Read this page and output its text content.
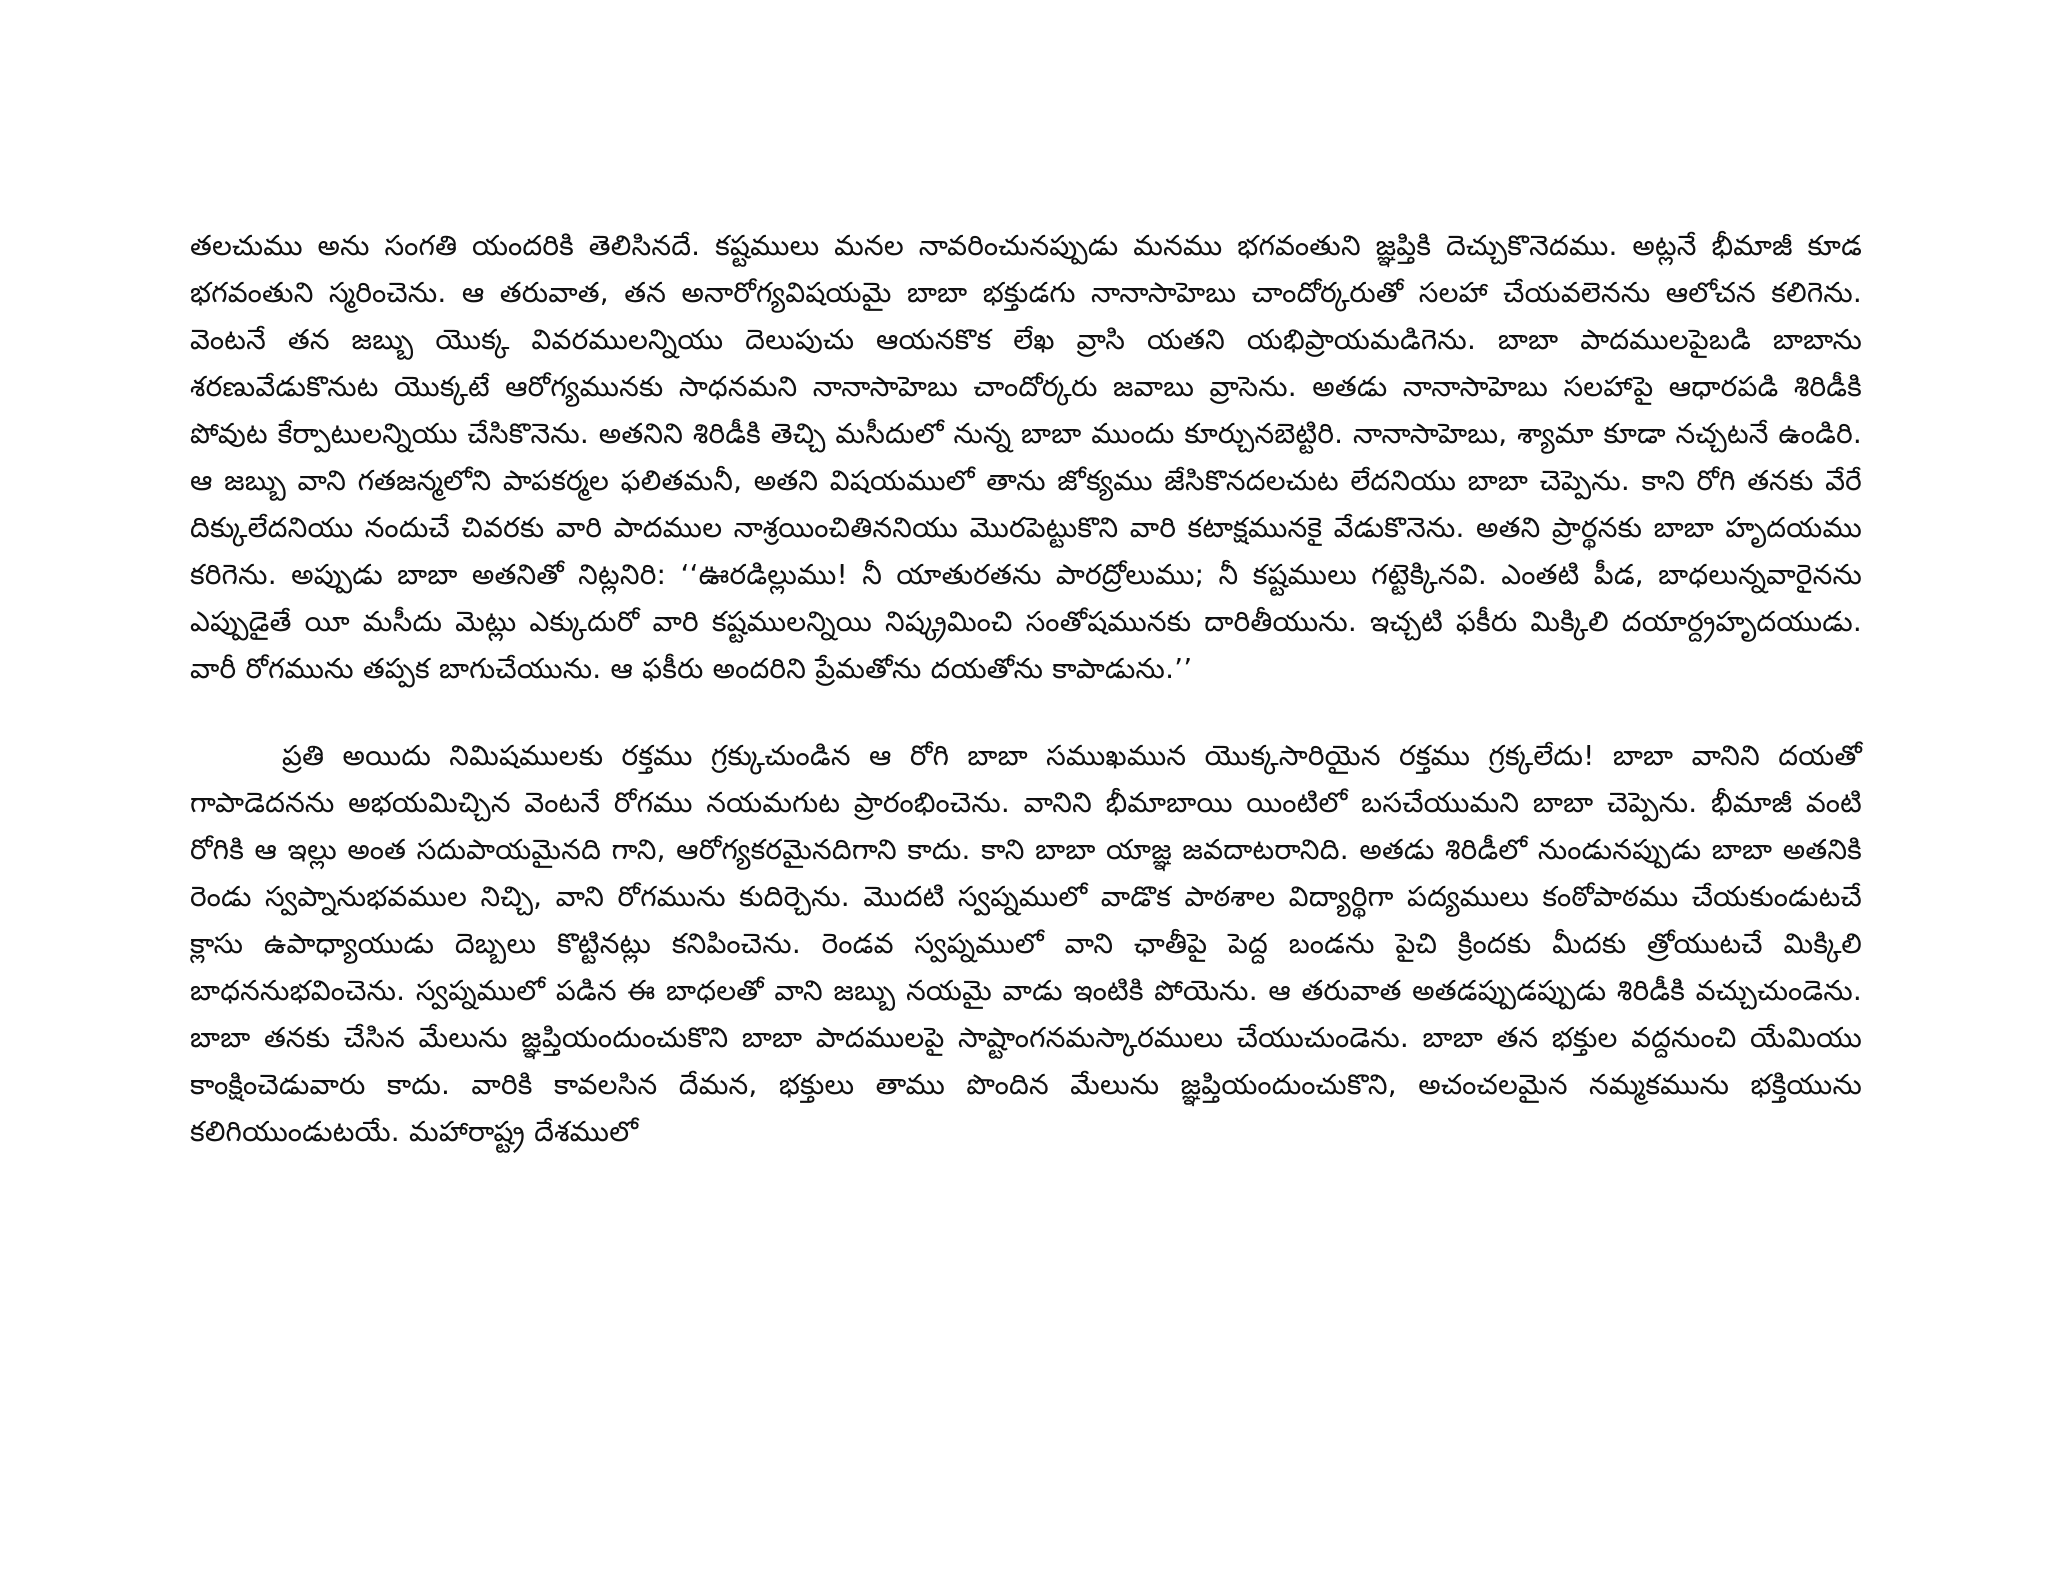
తలచుము అను సంగతి యందరికి తెలిసినదే. కష్టములు మనల నావరించునప్పుడు మనము భగవంతుని జ్ఞప్తికి దెచ్చుకొనెదము. అట్లనే భీమాజీ కూడ భగవంతుని స్మరించెను. ఆ తరువాత, తన అనారోగ్యవిషయమై బాబా భక్తుడగు నానాసాహెబు చాందోర్కరుతో సలహా చేయవలెనను ఆలోచన కలిగెను. వెంటనే తన జబ్బు యొక్క వివరములన్నియు దెలుపుచు ఆయనకొక లేఖ వ్రాసి యతని యభిప్రాయమడిగెను. బాబా పాదములపైబడి బాబాను శరణువేడుకొనుట యొక్కటే ఆరోగ్యమునకు సాధనమని నానాసాహెబు చాందోర్కరు జవాబు వ్రాసెను. అతడు నానాసాహెబు సలహాపై ఆధారపడి శిరిడీకి పోవుట కేర్పాటులన్నియు చేసికొనెను. అతనిని శిరిడీకి తెచ్చి మసీదులో నున్న బాబా ముందు కూర్చునబెట్టిరి. నానాసాహెబు, శ్యామా కూడా నచ్చటనే ఉండిరి. ఆ జబ్బు వాని గతజన్మలోని పాపకర్మల ఫలితమనీ, అతని విషయములో తాను జోక్యము జేసికొనదలచుట లేదనియు బాబా చెప్పెను. కాని రోగి తనకు వేరే దిక్కులేదనియు నందుచే చివరకు వారి పాదముల నాశ్రయించితిననియు మొరపెట్టుకొని వారి కటాక్షమునకై వేడుకొనెను. అతని ప్రార్థనకు బాబా హృదయము కరిగెను. అప్పుడు బాబా అతనితో నిట్లనిరి: ‘‘ఊరడిల్లుము! నీ యాతురతను పారద్రోలుము; నీ కష్టములు గట్టెక్కినవి. ఎంతటి పీడ, బాధలున్నవారైనను ఎప్పుడైతే యీ మసీదు మెట్లు ఎక్కుదురో వారి కష్టములన్నియి నిష్క్రమించి సంతోషమునకు దారితీయును. ఇచ్చటి ఫకీరు మిక్కిలి దయార్ద్రహృదయుడు. వారీ రోగమును తప్పక బాగుచేయును. ఆ ఫకీరు అందరిని ప్రేమతోను దయతోను కాపాడును.’’

ప్రతి అయిదు నిమిషములకు రక్తము గ్రక్కుచుండిన ఆ రోగి బాబా సముఖమున యొక్కసారియైన రక్తము గ్రక్కలేదు! బాబా వానిని దయతో గాపాడెదనను అభయమిచ్చిన వెంటనే రోగము నయమగుట ప్రారంభించెను. వానిని భీమాబాయి యింటిలో బసచేయుమని బాబా చెప్పెను. భీమాజీ వంటి రోగికి ఆ ఇల్లు అంత సదుపాయమైనది గాని, ఆరోగ్యకరమైనదిగాని కాదు. కాని బాబా యాజ్ఞ జవదాటరానిది. అతడు శిరిడీలో నుండునప్పుడు బాబా అతనికి రెండు స్వప్నానుభవముల నిచ్చి, వాని రోగమును కుదిర్చెను. మొదటి స్వప్నములో వాడొక పాఠశాల విద్యార్థిగా పద్యములు కంఠోపాఠము చేయకుండుటచే క్లాసు ఉపాధ్యాయుడు దెబ్బలు కొట్టినట్లు కనిపించెను. రెండవ స్వప్నములో వాని ఛాతీపై పెద్ద బండను పైచి క్రిందకు మీదకు త్రోయుటచే మిక్కిలి బాధననుభవించెను. స్వప్నములో పడిన ఈ బాధలతో వాని జబ్బు నయమై వాడు ఇంటికి పోయెను. ఆ తరువాత అతడప్పుడప్పుడు శిరిడీకి వచ్చుచుండెను. బాబా తనకు చేసిన మేలును జ్ఞప్తియందుంచుకొని బాబా పాదములపై సాష్టాంగనమస్కారములు చేయుచుండెను. బాబా తన భక్తుల వద్దనుంచి యేమియు కాంక్షించెడువారు కాదు. వారికి కావలసిన దేమన, భక్తులు తాము పొందిన మేలును జ్ఞప్తియందుంచుకొని, అచంచలమైన నమ్మకమును భక్తియును కలిగియుండుటయే. మహారాష్ట్ర దేశములో
